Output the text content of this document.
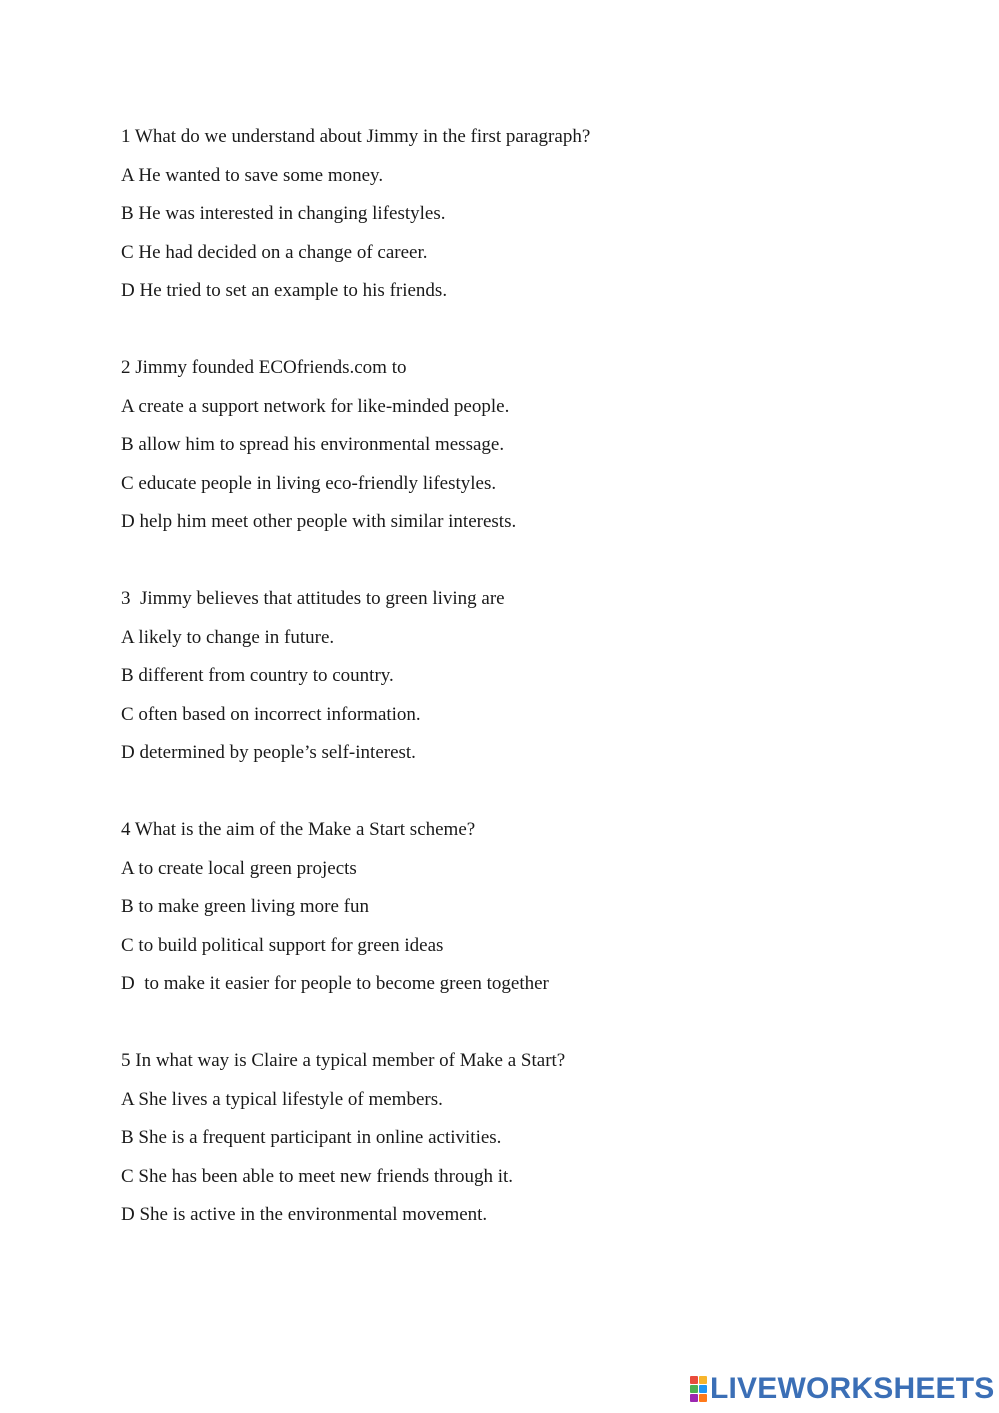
1 What do we understand about Jimmy in the first paragraph?

A He wanted to save some money.

B He was interested in changing lifestyles.

C He had decided on a change of career.

D He tried to set an example to his friends.

2 Jimmy founded ECOfriends.com to

A create a support network for like-minded people.

B allow him to spread his environmental message.

C educate people in living eco-friendly lifestyles.

D help him meet other people with similar interests.

3  Jimmy believes that attitudes to green living are

A likely to change in future.

B different from country to country.

C often based on incorrect information.

D determined by people’s self-interest.

4 What is the aim of the Make a Start scheme?

A to create local green projects

B to make green living more fun

C to build political support for green ideas

D  to make it easier for people to become green together

5 In what way is Claire a typical member of Make a Start?

A She lives a typical lifestyle of members.

B She is a frequent participant in online activities.

C She has been able to meet new friends through it.

D She is active in the environmental movement.

LIVEWORKSHEETS
